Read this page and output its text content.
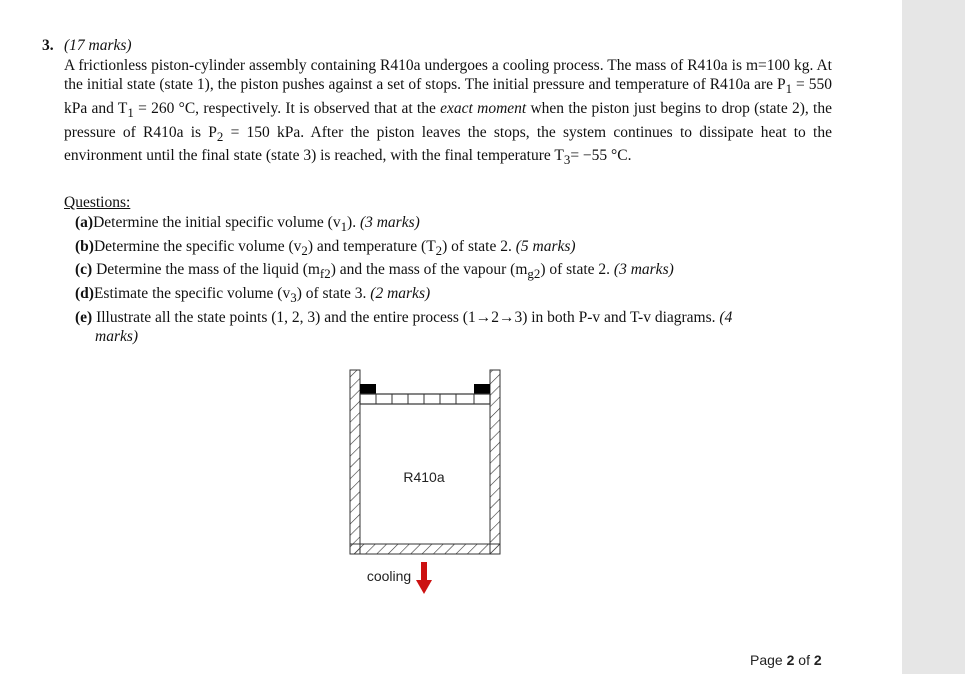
3. (17 marks)
A frictionless piston-cylinder assembly containing R410a undergoes a cooling process. The mass of R410a is m=100 kg. At the initial state (state 1), the piston pushes against a set of stops. The initial pressure and temperature of R410a are $P_1 = 550$ kPa and $T_1 = 260$ °C, respectively. It is observed that at the exact moment when the piston just begins to drop (state 2), the pressure of R410a is $P_2 = 150$ kPa. After the piston leaves the stops, the system continues to dissipate heat to the environment until the final state (state 3) is reached, with the final temperature $T_3= -55$ °C.
Questions:
(a)Determine the initial specific volume $(v_1)$. (3 marks)
(b)Determine the specific volume $(v_2)$ and temperature $(T_2)$ of state 2. (5 marks)
(c) Determine the mass of the liquid $(m_{f2})$ and the mass of the vapour $(m_{g2})$ of state 2. (3 marks)
(d)Estimate the specific volume $(v_3)$ of state 3. (2 marks)
(e) Illustrate all the state points (1, 2, 3) and the entire process (1→2→3) in both P-v and T-v diagrams. (4
marks)
R410a
cooling
Page 2 of 2
